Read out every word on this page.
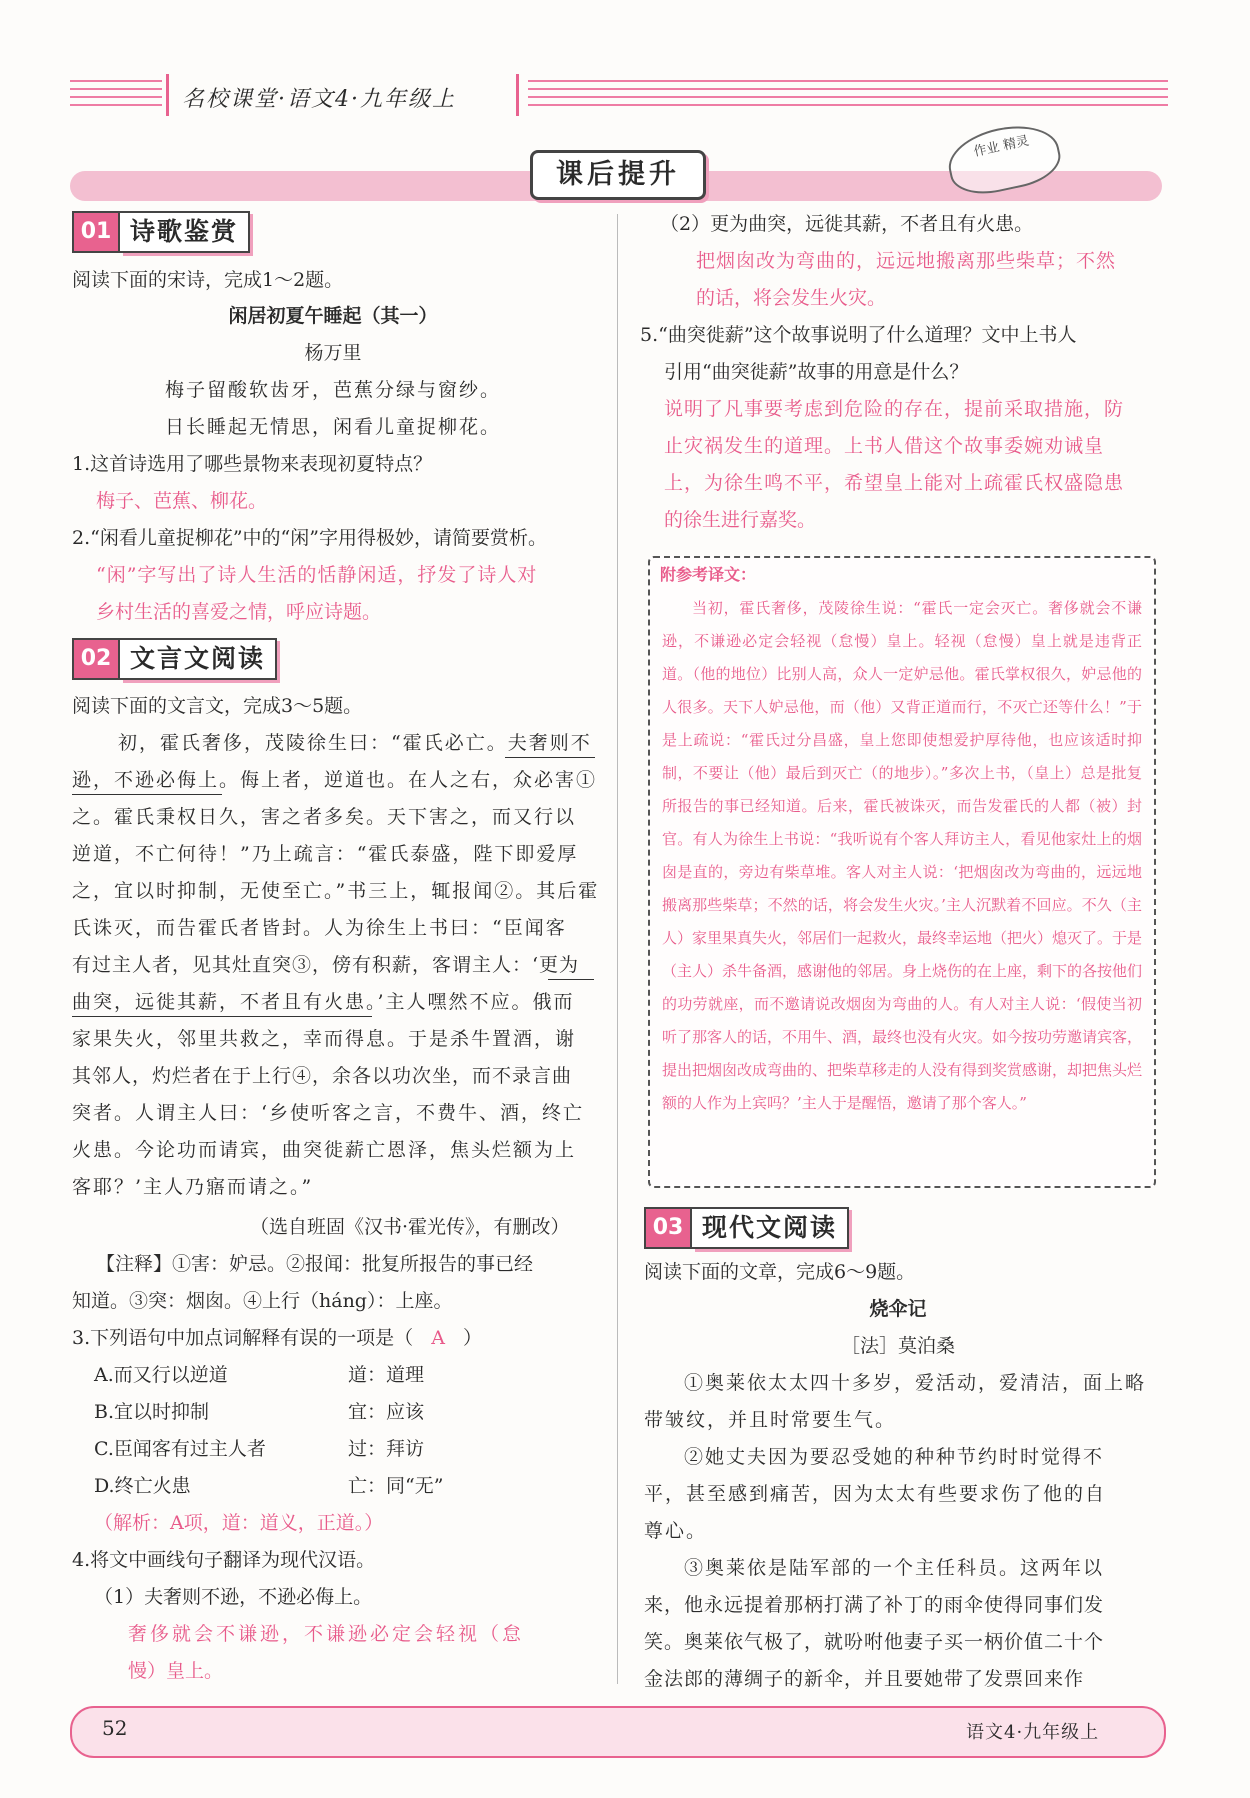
名校课堂·语文4·九年级上
课后提升
作业 精灵
01 诗歌鉴赏
阅读下面的宋诗，完成1～2题。
闲居初夏午睡起（其一）
杨万里
梅子留酸软齿牙，芭蕉分绿与窗纱。
日长睡起无情思，闲看儿童捉柳花。
1.这首诗选用了哪些景物来表现初夏特点？
梅子、芭蕉、柳花。
2.“闲看儿童捉柳花”中的“闲”字用得极妙，请简要赏析。
“闲”字写出了诗人生活的恬静闲适，抒发了诗人对
乡村生活的喜爱之情，呼应诗题。
02 文言文阅读
阅读下面的文言文，完成3～5题。
初，霍氏奢侈，茂陵徐生曰：“霍氏必亡。夫奢则不
逊，不逊必侮上。侮上者，逆道也。在人之右，众必害①
之。霍氏秉权日久，害之者多矣。天下害之，而又行以
逆道，不亡何待！”乃上疏言：“霍氏泰盛，陛下即爱厚
之，宜以时抑制，无使至亡。”书三上，辄报闻②。其后霍
氏诛灭，而告霍氏者皆封。人为徐生上书曰：“臣闻客
有过主人者，见其灶直突③，傍有积薪，客谓主人：‘更为
曲突，远徙其薪，不者且有火患。’主人嘿然不应。俄而
家果失火，邻里共救之，幸而得息。于是杀牛置酒，谢
其邻人，灼烂者在于上行④，余各以功次坐，而不录言曲
突者。人谓主人曰：‘乡使听客之言，不费牛、酒，终亡
火患。今论功而请宾，曲突徙薪亡恩泽，焦头烂额为上
客耶？’主人乃寤而请之。”
（选自班固《汉书·霍光传》，有删改）
【注释】①害：妒忌。②报闻：批复所报告的事已经
知道。③突：烟囱。④上行（háng）：上座。
3.下列语句中加点词解释有误的一项是（ A ）
A.而又行以逆道	道：道理
B.宜以时抑制	宜：应该
C.臣闻客有过主人者	过：拜访
D.终亡火患	亡：同“无”
（解析：A项，道：道义，正道。）
4.将文中画线句子翻译为现代汉语。
（1）夫奢则不逊，不逊必侮上。
奢侈就会不谦逊，不谦逊必定会轻视（怠
慢）皇上。
（2）更为曲突，远徙其薪，不者且有火患。
把烟囱改为弯曲的，远远地搬离那些柴草；不然
的话，将会发生火灾。
5.“曲突徙薪”这个故事说明了什么道理？文中上书人
引用“曲突徙薪”故事的用意是什么？
说明了凡事要考虑到危险的存在，提前采取措施，防
止灾祸发生的道理。上书人借这个故事委婉劝诫皇
上，为徐生鸣不平，希望皇上能对上疏霍氏权盛隐患
的徐生进行嘉奖。
附参考译文：
当初，霍氏奢侈，茂陵徐生说：“霍氏一定会灭亡。奢侈就会不谦逊，不谦逊必定会轻视（怠慢）皇上。轻视（怠慢）皇上就是违背正道。（他的地位）比别人高，众人一定妒忌他。霍氏掌权很久，妒忌他的人很多。天下人妒忌他，而（他）又背正道而行，不灭亡还等什么！”于是上疏说：“霍氏过分昌盛，皇上您即使想爱护厚待他，也应该适时抑制，不要让（他）最后到灭亡（的地步）。”多次上书，（皇上）总是批复所报告的事已经知道。后来，霍氏被诛灭，而告发霍氏的人都（被）封官。有人为徐生上书说：“我听说有个客人拜访主人，看见他家灶上的烟囱是直的，旁边有柴草堆。客人对主人说：‘把烟囱改为弯曲的，远远地搬离那些柴草；不然的话，将会发生火灾。’主人沉默着不回应。不久（主人）家里果真失火，邻居们一起救火，最终幸运地（把火）熄灭了。于是（主人）杀牛备酒，感谢他的邻居。身上烧伤的在上座，剩下的各按他们的功劳就座，而不邀请说改烟囱为弯曲的人。有人对主人说：‘假使当初听了那客人的话，不用牛、酒，最终也没有火灾。如今按功劳邀请宾客，提出把烟囱改成弯曲的、把柴草移走的人没有得到奖赏感谢，却把焦头烂额的人作为上宾吗？’主人于是醒悟，邀请了那个客人。”
03 现代文阅读
阅读下面的文章，完成6～9题。
烧伞记
［法］莫泊桑
①奥莱依太太四十多岁，爱活动，爱清洁，面上略
带皱纹，并且时常要生气。
②她丈夫因为要忍受她的种种节约时时觉得不
平，甚至感到痛苦，因为太太有些要求伤了他的自
尊心。
③奥莱依是陆军部的一个主任科员。这两年以
来，他永远提着那柄打满了补丁的雨伞使得同事们发
笑。奥莱依气极了，就吩咐他妻子买一柄价值二十个
金法郎的薄绸子的新伞，并且要她带了发票回来作
52	语文4·九年级上
